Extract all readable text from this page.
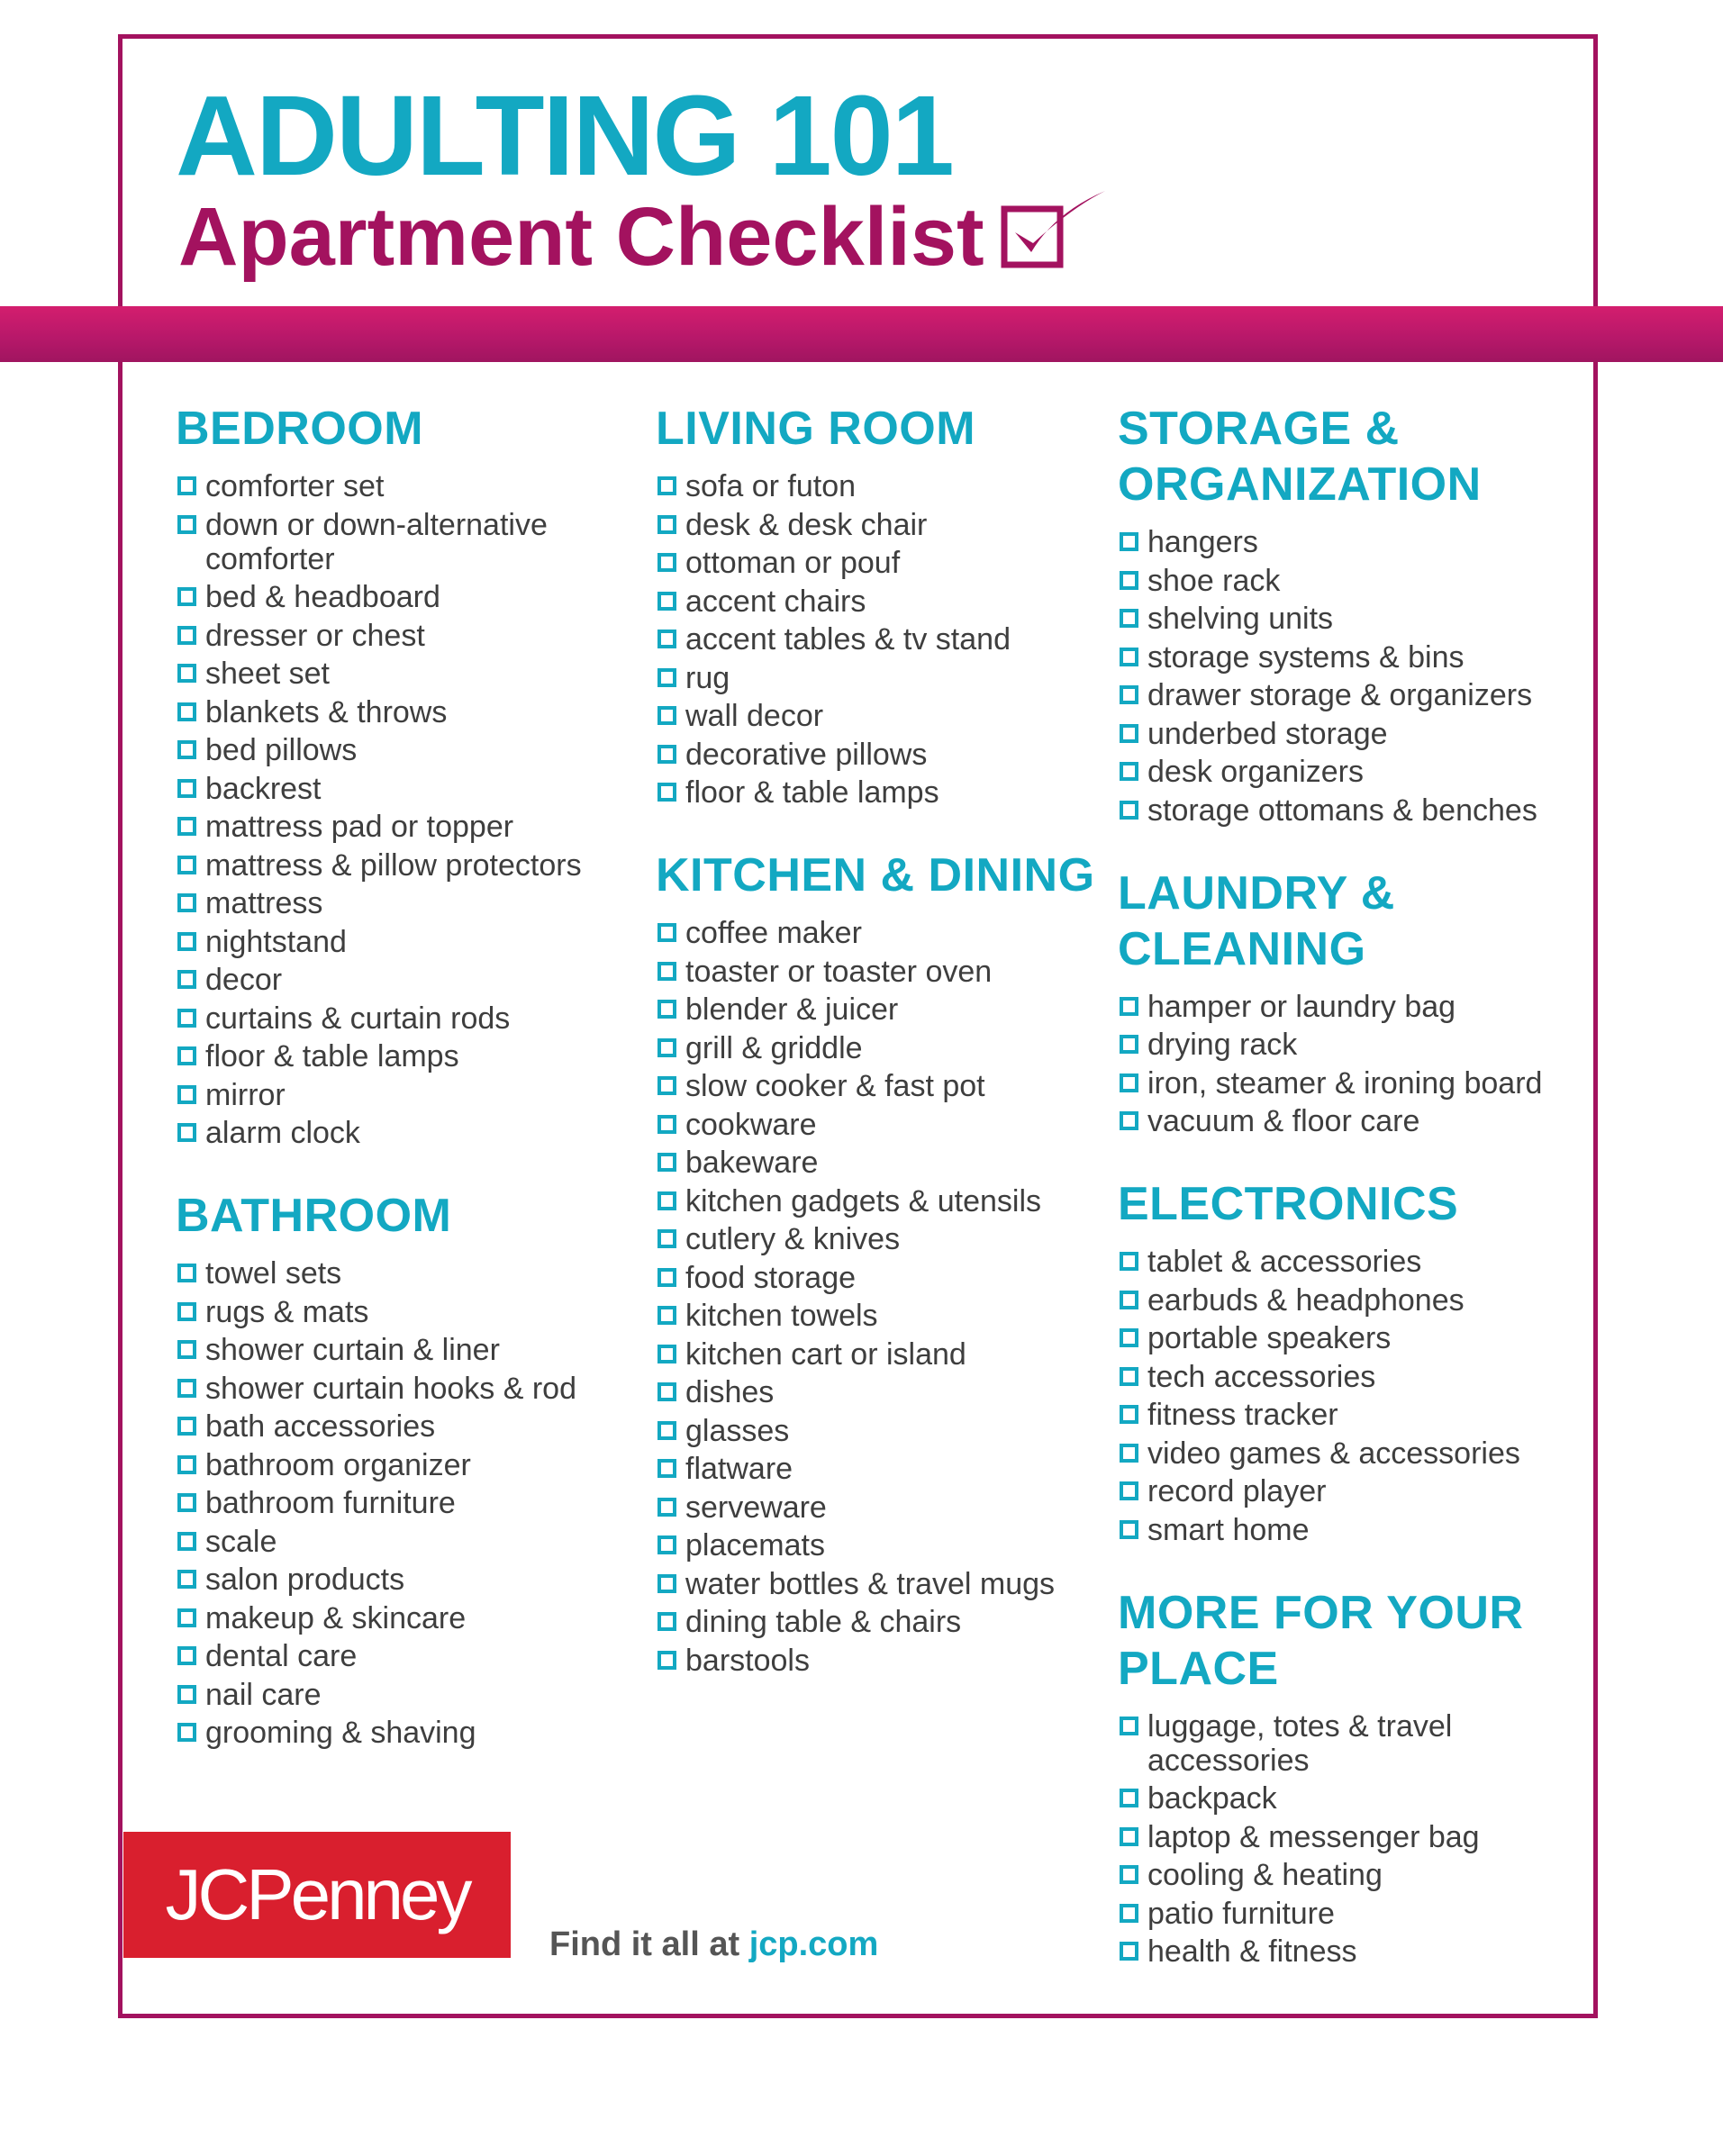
ADULTING 101
Apartment Checklist
BEDROOM
comforter set
down or down-alternative comforter
bed & headboard
dresser or chest
sheet set
blankets & throws
bed pillows
backrest
mattress pad or topper
mattress & pillow protectors
mattress
nightstand
decor
curtains & curtain rods
floor & table lamps
mirror
alarm clock
BATHROOM
towel sets
rugs & mats
shower curtain & liner
shower curtain hooks & rod
bath accessories
bathroom organizer
bathroom furniture
scale
salon products
makeup & skincare
dental care
nail care
grooming & shaving
LIVING ROOM
sofa or futon
desk & desk chair
ottoman or pouf
accent chairs
accent tables & tv stand
rug
wall decor
decorative pillows
floor & table lamps
KITCHEN & DINING
coffee maker
toaster or toaster oven
blender & juicer
grill & griddle
slow cooker & fast pot
cookware
bakeware
kitchen gadgets & utensils
cutlery & knives
food storage
kitchen towels
kitchen cart or island
dishes
glasses
flatware
serveware
placemats
water bottles & travel mugs
dining table & chairs
barstools
STORAGE & ORGANIZATION
hangers
shoe rack
shelving units
storage systems & bins
drawer storage & organizers
underbed storage
desk organizers
storage ottomans & benches
LAUNDRY & CLEANING
hamper or laundry bag
drying rack
iron, steamer & ironing board
vacuum & floor care
ELECTRONICS
tablet & accessories
earbuds & headphones
portable speakers
tech accessories
fitness tracker
video games & accessories
record player
smart home
MORE FOR YOUR PLACE
luggage, totes & travel accessories
backpack
laptop & messenger bag
cooling & heating
patio furniture
health & fitness
JCPenney
Find it all at jcp.com
